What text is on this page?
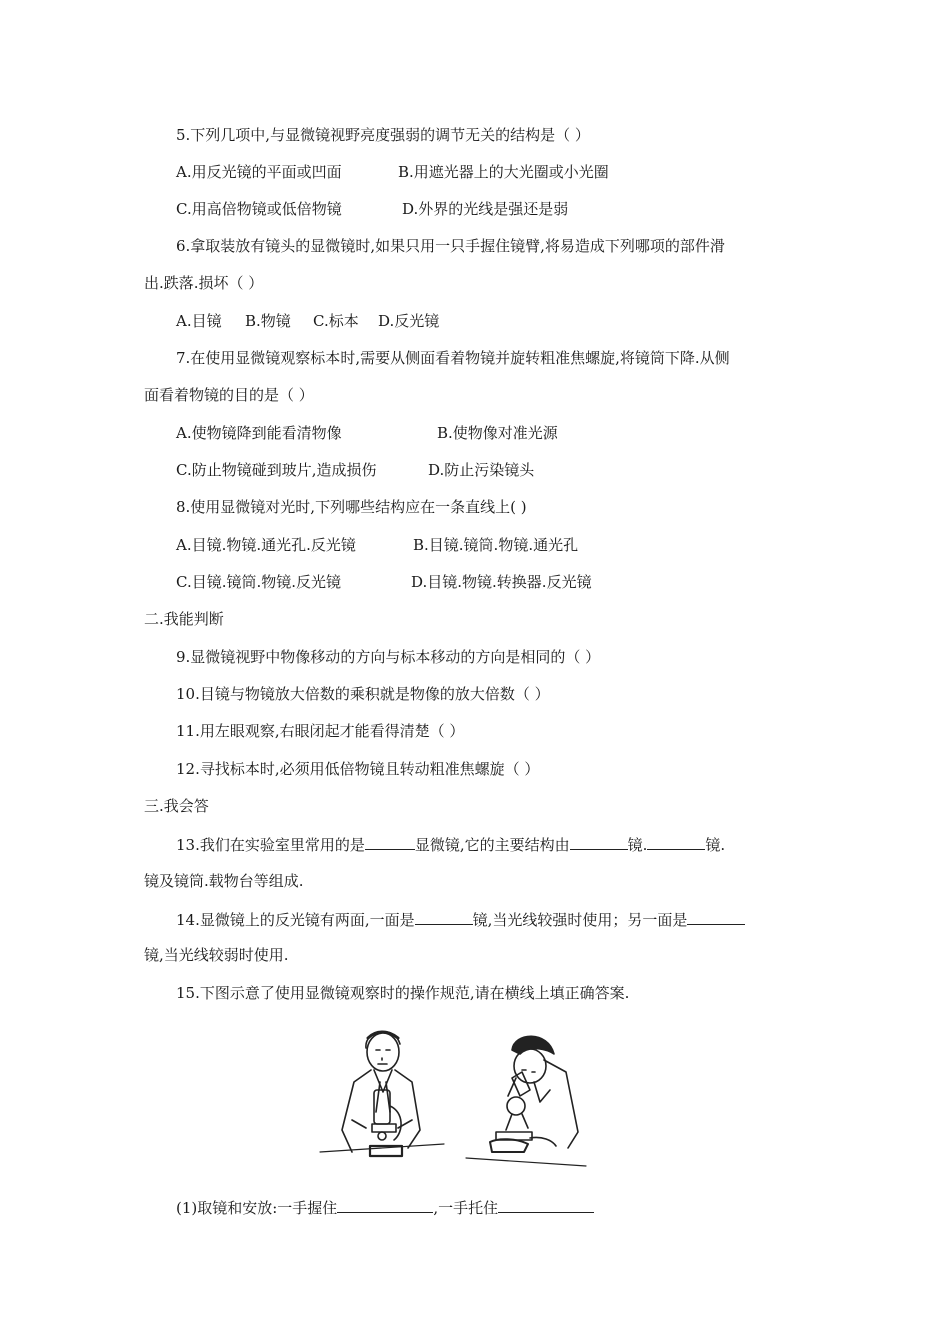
5.下列几项中,与显微镜视野亮度强弱的调节无关的结构是（ ）
A.用反光镜的平面或凹面	B.用遮光器上的大光圈或小光圈
C.用高倍物镜或低倍物镜	D.外界的光线是强还是弱
6.拿取装放有镜头的显微镜时,如果只用一只手握住镜臂,将易造成下列哪项的部件滑
出.跌落.损坏（ ）
A.目镜 B.物镜 C.标本 D.反光镜
7.在使用显微镜观察标本时,需要从侧面看着物镜并旋转粗准焦螺旋,将镜筒下降.从侧
面看着物镜的目的是（ ）
A.使物镜降到能看清物像	B.使物像对准光源
C.防止物镜碰到玻片,造成损伤	D.防止污染镜头
8.使用显微镜对光时,下列哪些结构应在一条直线上( )
A.目镜.物镜.通光孔.反光镜	B.目镜.镜筒.物镜.通光孔
C.目镜.镜筒.物镜.反光镜	D.目镜.物镜.转换器.反光镜
二.我能判断
9.显微镜视野中物像移动的方向与标本移动的方向是相同的（ ）
10.目镜与物镜放大倍数的乘积就是物像的放大倍数（ ）
11.用左眼观察,右眼闭起才能看得清楚（ ）
12.寻找标本时,必须用低倍物镜且转动粗准焦螺旋（ ）
三.我会答
13.我们在实验室里常用的是	显微镜,它的主要结构由	镜.	镜.
镜及镜筒.载物台等组成.
14.显微镜上的反光镜有两面,一面是	镜,当光线较强时使用；另一面是
镜,当光线较弱时使用.
15.下图示意了使用显微镜观察时的操作规范,请在横线上填正确答案.
(1)取镜和安放:一手握住	,一手托住
